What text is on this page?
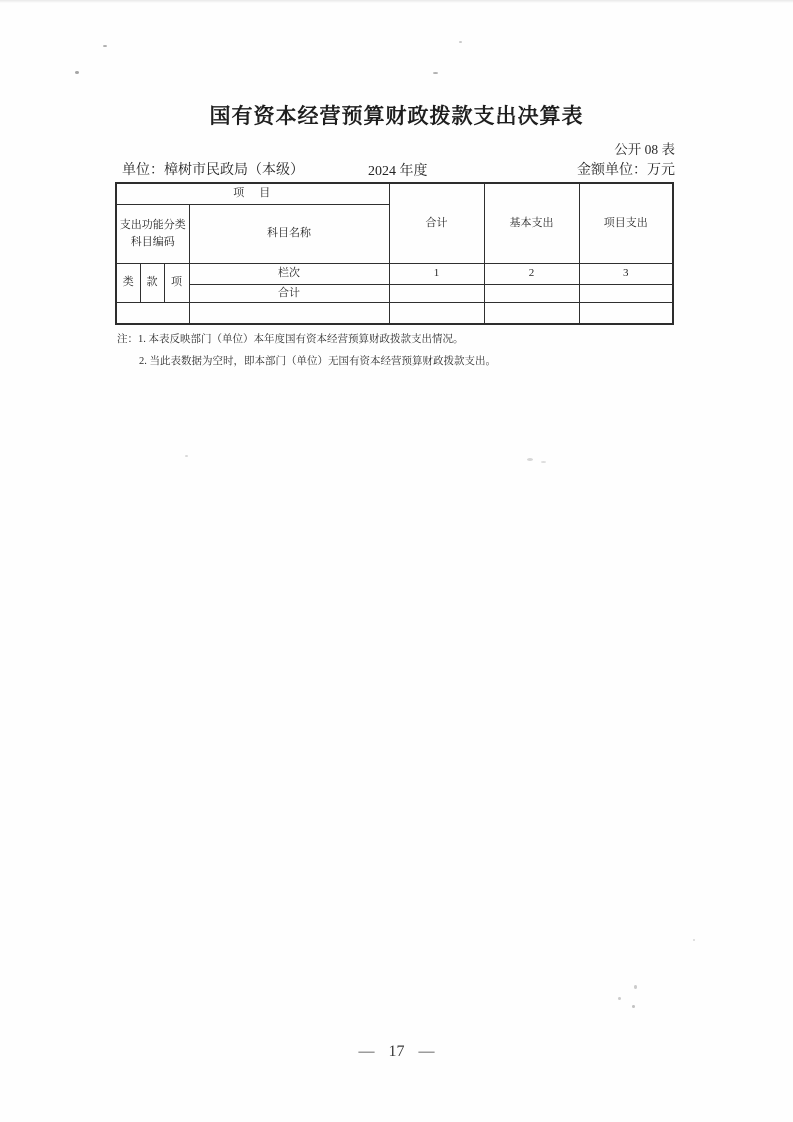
国有资本经营预算财政拨款支出决算表
公开 08 表
单位：樟树市民政局（本级）	2024 年度	金额单位：万元
项　目				合计	基本支出	项目支出

支出功能分类
科目编码			科目名称			
类	款	项	栏次	1	2	3
			合计			

注：1. 本表反映部门（单位）本年度国有资本经营预算财政拨款支出情况。
2. 当此表数据为空时，即本部门（单位）无国有资本经营预算财政拨款支出。
— 17 —
